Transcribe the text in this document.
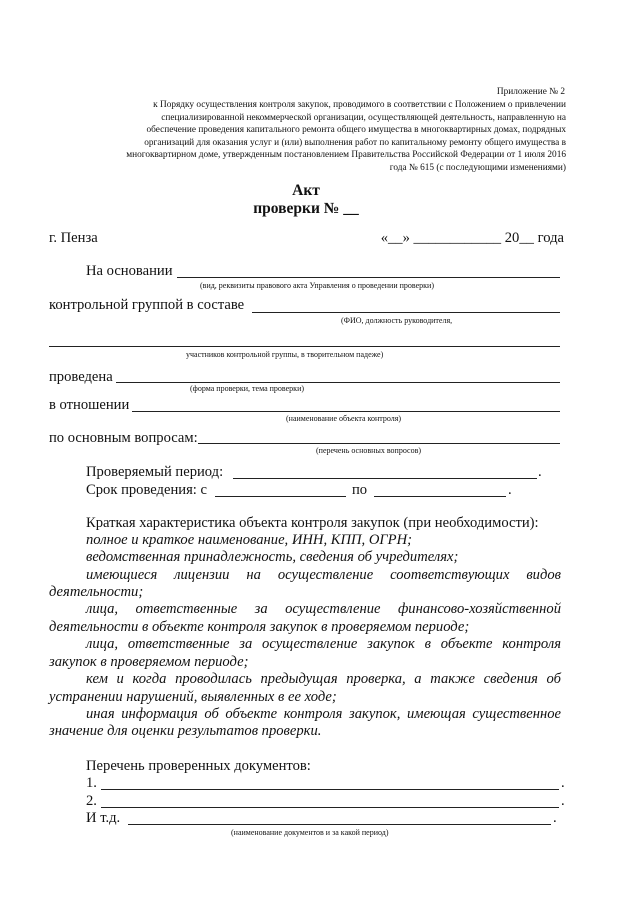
Приложение № 2
к Порядку осуществления контроля закупок, проводимого в соответствии с Положением о привлечении
специализированной некоммерческой организации, осуществляющей деятельность, направленную на
обеспечение проведения капитального ремонта общего имущества в многоквартирных домах, подрядных
организаций для оказания услуг и (или) выполнения работ по капитальному ремонту общего имущества в
многоквартирном доме, утвержденным постановлением Правительства Российской Федерации от 1 июля 2016
года № 615 (с последующими изменениями)
Акт
проверки № __
г. Пенза	«__» ____________ 20__ года
На основании
(вид, реквизиты правового акта Управления о проведении проверки)
контрольной группой в составе
(ФИО, должность руководителя,
участников контрольной группы, в творительном падеже)
проведена
(форма проверки, тема проверки)
в отношении
(наименование объекта контроля)
по основным вопросам:
(перечень основных вопросов)
Проверяемый период:	.
Срок проведения: с	по	.
Краткая характеристика объекта контроля закупок (при необходимости):
полное и краткое наименование, ИНН, КПП, ОГРН;
ведомственная принадлежность, сведения об учредителях;
имеющиеся лицензии на осуществление соответствующих видов
деятельности;
лица, ответственные за осуществление финансово-хозяйственной
деятельности в объекте контроля закупок в проверяемом периоде;
лица, ответственные за осуществление закупок в объекте контроля
закупок в проверяемом периоде;
кем и когда проводилась предыдущая проверка, а также сведения об
устранении нарушений, выявленных в ее ходе;
иная информация об объекте контроля закупок, имеющая существенное
значение для оценки результатов проверки.
Перечень проверенных документов:
1.	.
2.	.
И т.д.	.
(наименование документов и за какой период)
